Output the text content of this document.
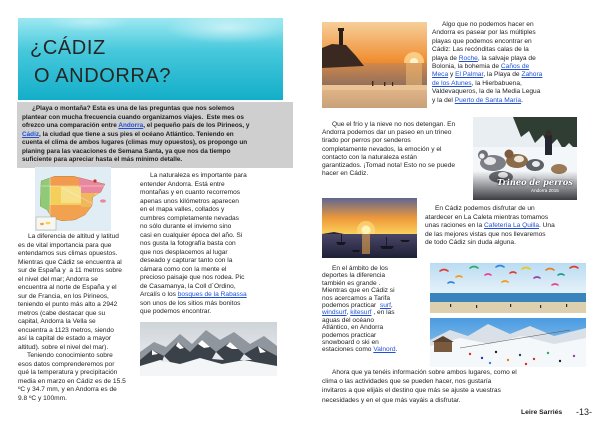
¿CÁDIZ
O ANDORRA?
¿Playa o montaña? Esta es una de las preguntas que nos solemos
plantear con mucha frecuencia cuando organizamos viajes.  Este mes os
ofrezco una comparación entre Andorra, el pequeño país de los Pirineos, y
Cádiz, la ciudad que tiene a sus pies el océano Atlántico. Teniendo en
cuenta el clima de ambos lugares (climas muy opuestos), os propongo un
planing para las vacaciones de Semana Santa, ya que nos da tiempo
suficiente para apreciar hasta el más mínimo detalle.
La naturaleza es importante para
entender Andorra. Está entre
montañas y en cuanto recorremos
apenas unos kilómetros aparecen
en el mapa valles, collados y
cumbres completamente nevadas
no sólo durante el invierno sino
casi en cualquier época del año. Si
nos gusta la fotografía basta con
que nos desplacemos al lugar
deseado y capturar tanto con la
cámara como con la mente el
precioso paisaje que nos rodea. Pic
de Casamanya, la Coll d´Ordino,
Arcalís o los bosques de la Rabassa
son unos de los sitios más bonitos
que podemos encontrar.
La diferencia de altitud y latitud
es de vital importancia para que
entendamos sus climas opuestos.
Mientras que Cádiz se encuentra al
sur de España y  a 11 metros sobre
el nivel del mar; Andorra se
encuentra al norte de España y el
sur de Francia, en los Pirineos,
teniendo el punto más alto a 2942
metros (cabe destacar que su
capital, Andorra la Vella se
encuentra a 1123 metros, siendo
así la capital de estado a mayor
altitud). sobre el nivel del mar).
Teniendo conocimiento sobre
esos datos comprenderemos por
qué la temperatura y precipitación
media en marzo en Cádiz es de 15.5
ºC y 34.7 mm, y en Andorra es de
9.8 ºC y 100mm.
Algo que no podemos hacer en
Andorra es pasear por las múltiples
playas que podemos encontrar en
Cádiz: Las recónditas calas de la
playa de Roche, la salvaje playa de
Bolonia, la bohemia de Caños de
Meca y El Palmar, la Playa de Zahora
de los Atunes, la Hierbabuena,
Valdevaqueros, la de la Media Legua
y la del Puerto de Santa María.
Que el frío y la nieve no nos detengan. En
Andorra podemos dar un paseo en un trineo
tirado por perros por senderos
completamente nevados, la emoción y el
contacto con la naturaleza están
garantizados. ¡Tomad nota! Esto no se puede
hacer en Cádiz.
Trineo de perros
Andorra 2015
En Cádiz podemos disfrutar de un
atardecer en La Caleta mientras tomamos
unas raciones en la Cafetería La Quilla. Una
de las mejores vistas que nos llevaremos
de todo Cádiz sin duda alguna.
En el ámbito de los
deportes la diferencia
también es grande .
Mientras que en Cádiz si
nos acercamos a Tarifa
podemos practicar  surf,
windsurf, kitesurf , en las
aguas del océano
Atlántico, en Andorra
podemos practicar
snowboard o ski en
estaciones como Valnord.
Ahora que ya tenéis información sobre ambos lugares, como el
clima o las actividades que se pueden hacer, nos gustaría
invitaros a que elijáis el destino que más se ajuste a vuestras
necesidades y en el que más vayáis a disfrutar.
Leire Sarriés -13-
